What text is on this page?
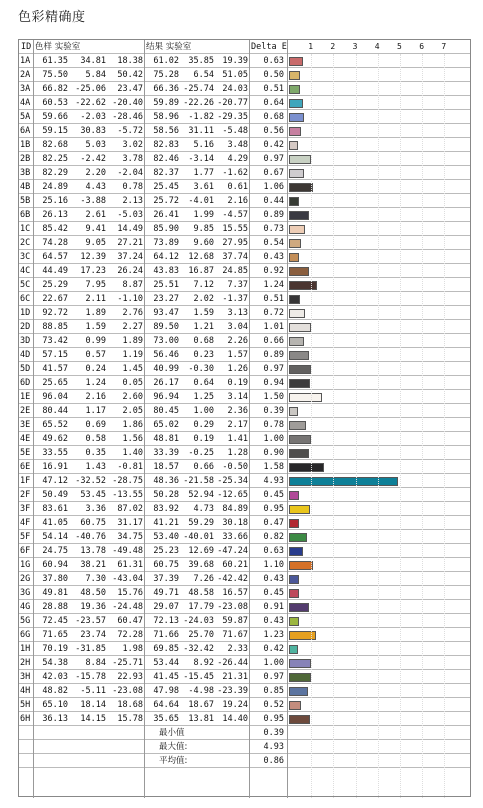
色彩精确度
ID 色样 实验室	结果 实验室	Delta E	1 2 3 4 5 6 7
1A	61.35	34.81	18.38	61.02	35.85 19.39	0.63
2A	75.50	5.84	50.42	75.28	6.54 51.05	0.50
3A	66.82 -25.06	23.47	66.36 -25.74 24.03	0.51
4A	60.53 -22.62 -20.40	59.89 -22.26 -20.77	0.64
5A	59.66	-2.03 -28.46	58.96	-1.82 -29.35	0.68
6A	59.15	30.83	-5.72	58.56	31.11 -5.48	0.56
1B	82.68	5.03	3.02	82.83	5.16	3.48	0.42
2B	82.25	-2.42	3.78	82.46	-3.14	4.29	0.97
3B	82.29	2.20	-2.04	82.37	1.77 -1.62	0.67
4B	24.89	4.43	0.78	25.45	3.61	0.61	1.06
5B	25.16	-3.88	2.13	25.72	-4.01	2.16	0.44
6B	26.13	2.61	-5.03	26.41	1.99 -4.57	0.89
1C	85.42	9.41	14.49	85.90	9.85 15.55	0.73
2C	74.28	9.05	27.21	73.89	9.60 27.95	0.54
3C	64.57	12.39	37.24	64.12	12.68 37.74	0.43
4C	44.49	17.23	26.24	43.83	16.87 24.85	0.92
5C	25.29	7.95	8.87	25.51	7.12	7.37	1.24
6C	22.67	2.11	-1.10	23.27	2.02 -1.37	0.51
1D	92.72	1.89	2.76	93.47	1.59	3.13	0.72
2D	88.85	1.59	2.27	89.50	1.21	3.04	1.01
3D	73.42	0.99	1.89	73.00	0.68	2.26	0.66
4D	57.15	0.57	1.19	56.46	0.23	1.57	0.89
5D	41.57	0.24	1.45	40.99	-0.30	1.26	0.97
6D	25.65	1.24	0.05	26.17	0.64	0.19	0.94
1E	96.04	2.16	2.60	96.94	1.25	3.14	1.50
2E	80.44	1.17	2.05	80.45	1.00	2.36	0.39
3E	65.52	0.69	1.86	65.02	0.29	2.17	0.78
4E	49.62	0.58	1.56	48.81	0.19	1.41	1.00
5E	33.55	0.35	1.40	33.39	-0.25	1.28	0.90
6E	16.91	1.43	-0.81	18.57	0.66 -0.50	1.58
1F	47.12 -32.52 -28.75	48.36 -21.58 -25.34	4.93
2F	50.49	53.45 -13.55	50.28	52.94 -12.65	0.45
3F	83.61	3.36	87.02	83.92	4.73 84.89	0.95
4F	41.05	60.75	31.17	41.21	59.29 30.18	0.47
5F	54.14 -40.76	34.75	53.40 -40.01 33.66	0.82
6F	24.75	13.78 -49.48	25.23	12.69 -47.24	0.63
1G	60.94	38.21	61.31	60.75	39.68 60.21	1.10
2G	37.80	7.30 -43.04	37.39	7.26 -42.42	0.43
3G	49.81	48.50	15.76	49.71	48.58 16.57	0.45
4G	28.88	19.36 -24.48	29.07	17.79 -23.08	0.91
5G	72.45 -23.57	60.47	72.13 -24.03 59.87	0.43
6G	71.65	23.74	72.28	71.66	25.70 71.67	1.23
1H	70.19 -31.85	1.98	69.85 -32.42	2.33	0.42
2H	54.38	8.84 -25.71	53.44	8.92 -26.44	1.00
3H	42.03 -15.78	22.93	41.45 -15.45 21.31	0.97
4H	48.82	-5.11 -23.08	47.98	-4.98 -23.39	0.85
5H	65.10	18.14	18.68	64.64	18.67 19.24	0.52
6H	36.13	14.15	15.78	35.65	13.81 14.40	0.95
最小值	0.39
最大值:	4.93
平均值:	0.86
